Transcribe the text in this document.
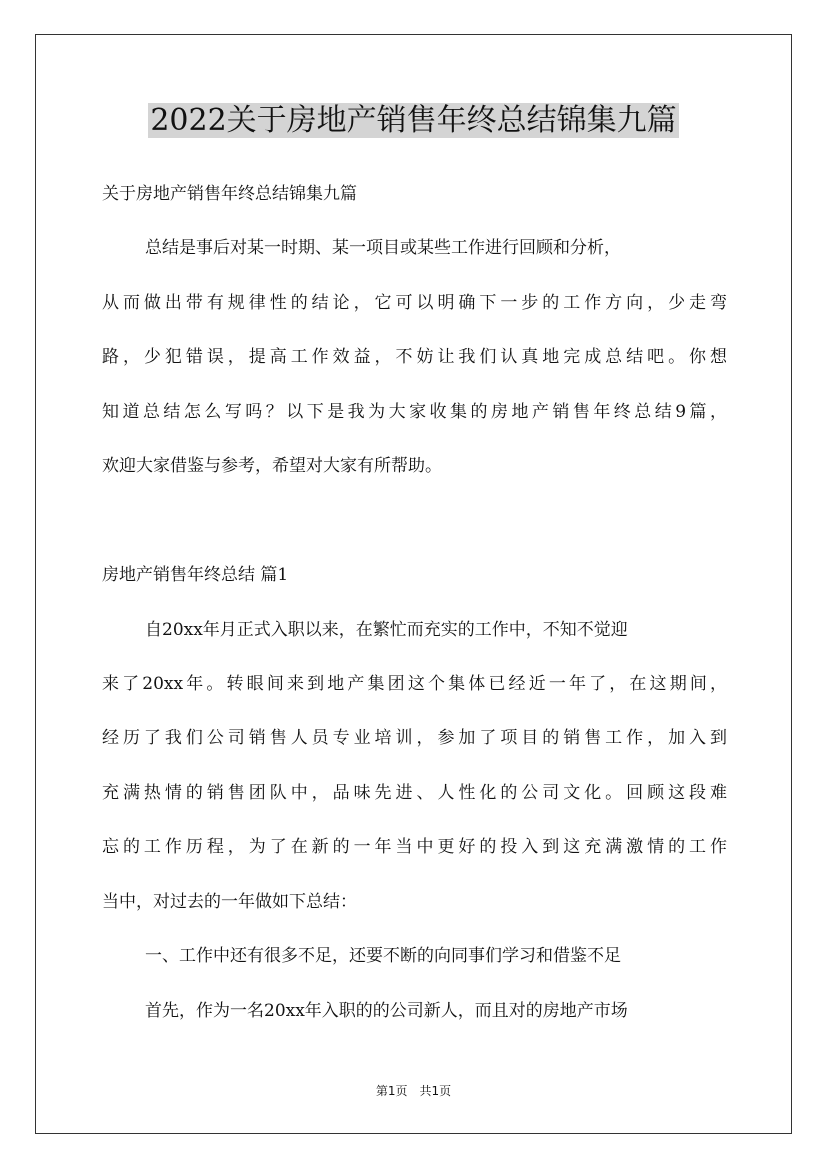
2022关于房地产销售年终总结锦集九篇
关于房地产销售年终总结锦集九篇
总结是事后对某一时期、某一项目或某些工作进行回顾和分析，
从而做出带有规律性的结论，它可以明确下一步的工作方向，少走弯
路，少犯错误，提高工作效益，不妨让我们认真地完成总结吧。你想
知道总结怎么写吗？以下是我为大家收集的房地产销售年终总结9篇，
欢迎大家借鉴与参考，希望对大家有所帮助。
房地产销售年终总结 篇1
自20xx年月正式入职以来，在繁忙而充实的工作中，不知不觉迎
来了20xx年。转眼间来到地产集团这个集体已经近一年了，在这期间，
经历了我们公司销售人员专业培训，参加了项目的销售工作，加入到
充满热情的销售团队中，品味先进、人性化的公司文化。回顾这段难
忘的工作历程，为了在新的一年当中更好的投入到这充满激情的工作
当中，对过去的一年做如下总结：
一、工作中还有很多不足，还要不断的向同事们学习和借鉴不足
首先，作为一名20xx年入职的的公司新人，而且对的房地产市场
第1页　共1页
